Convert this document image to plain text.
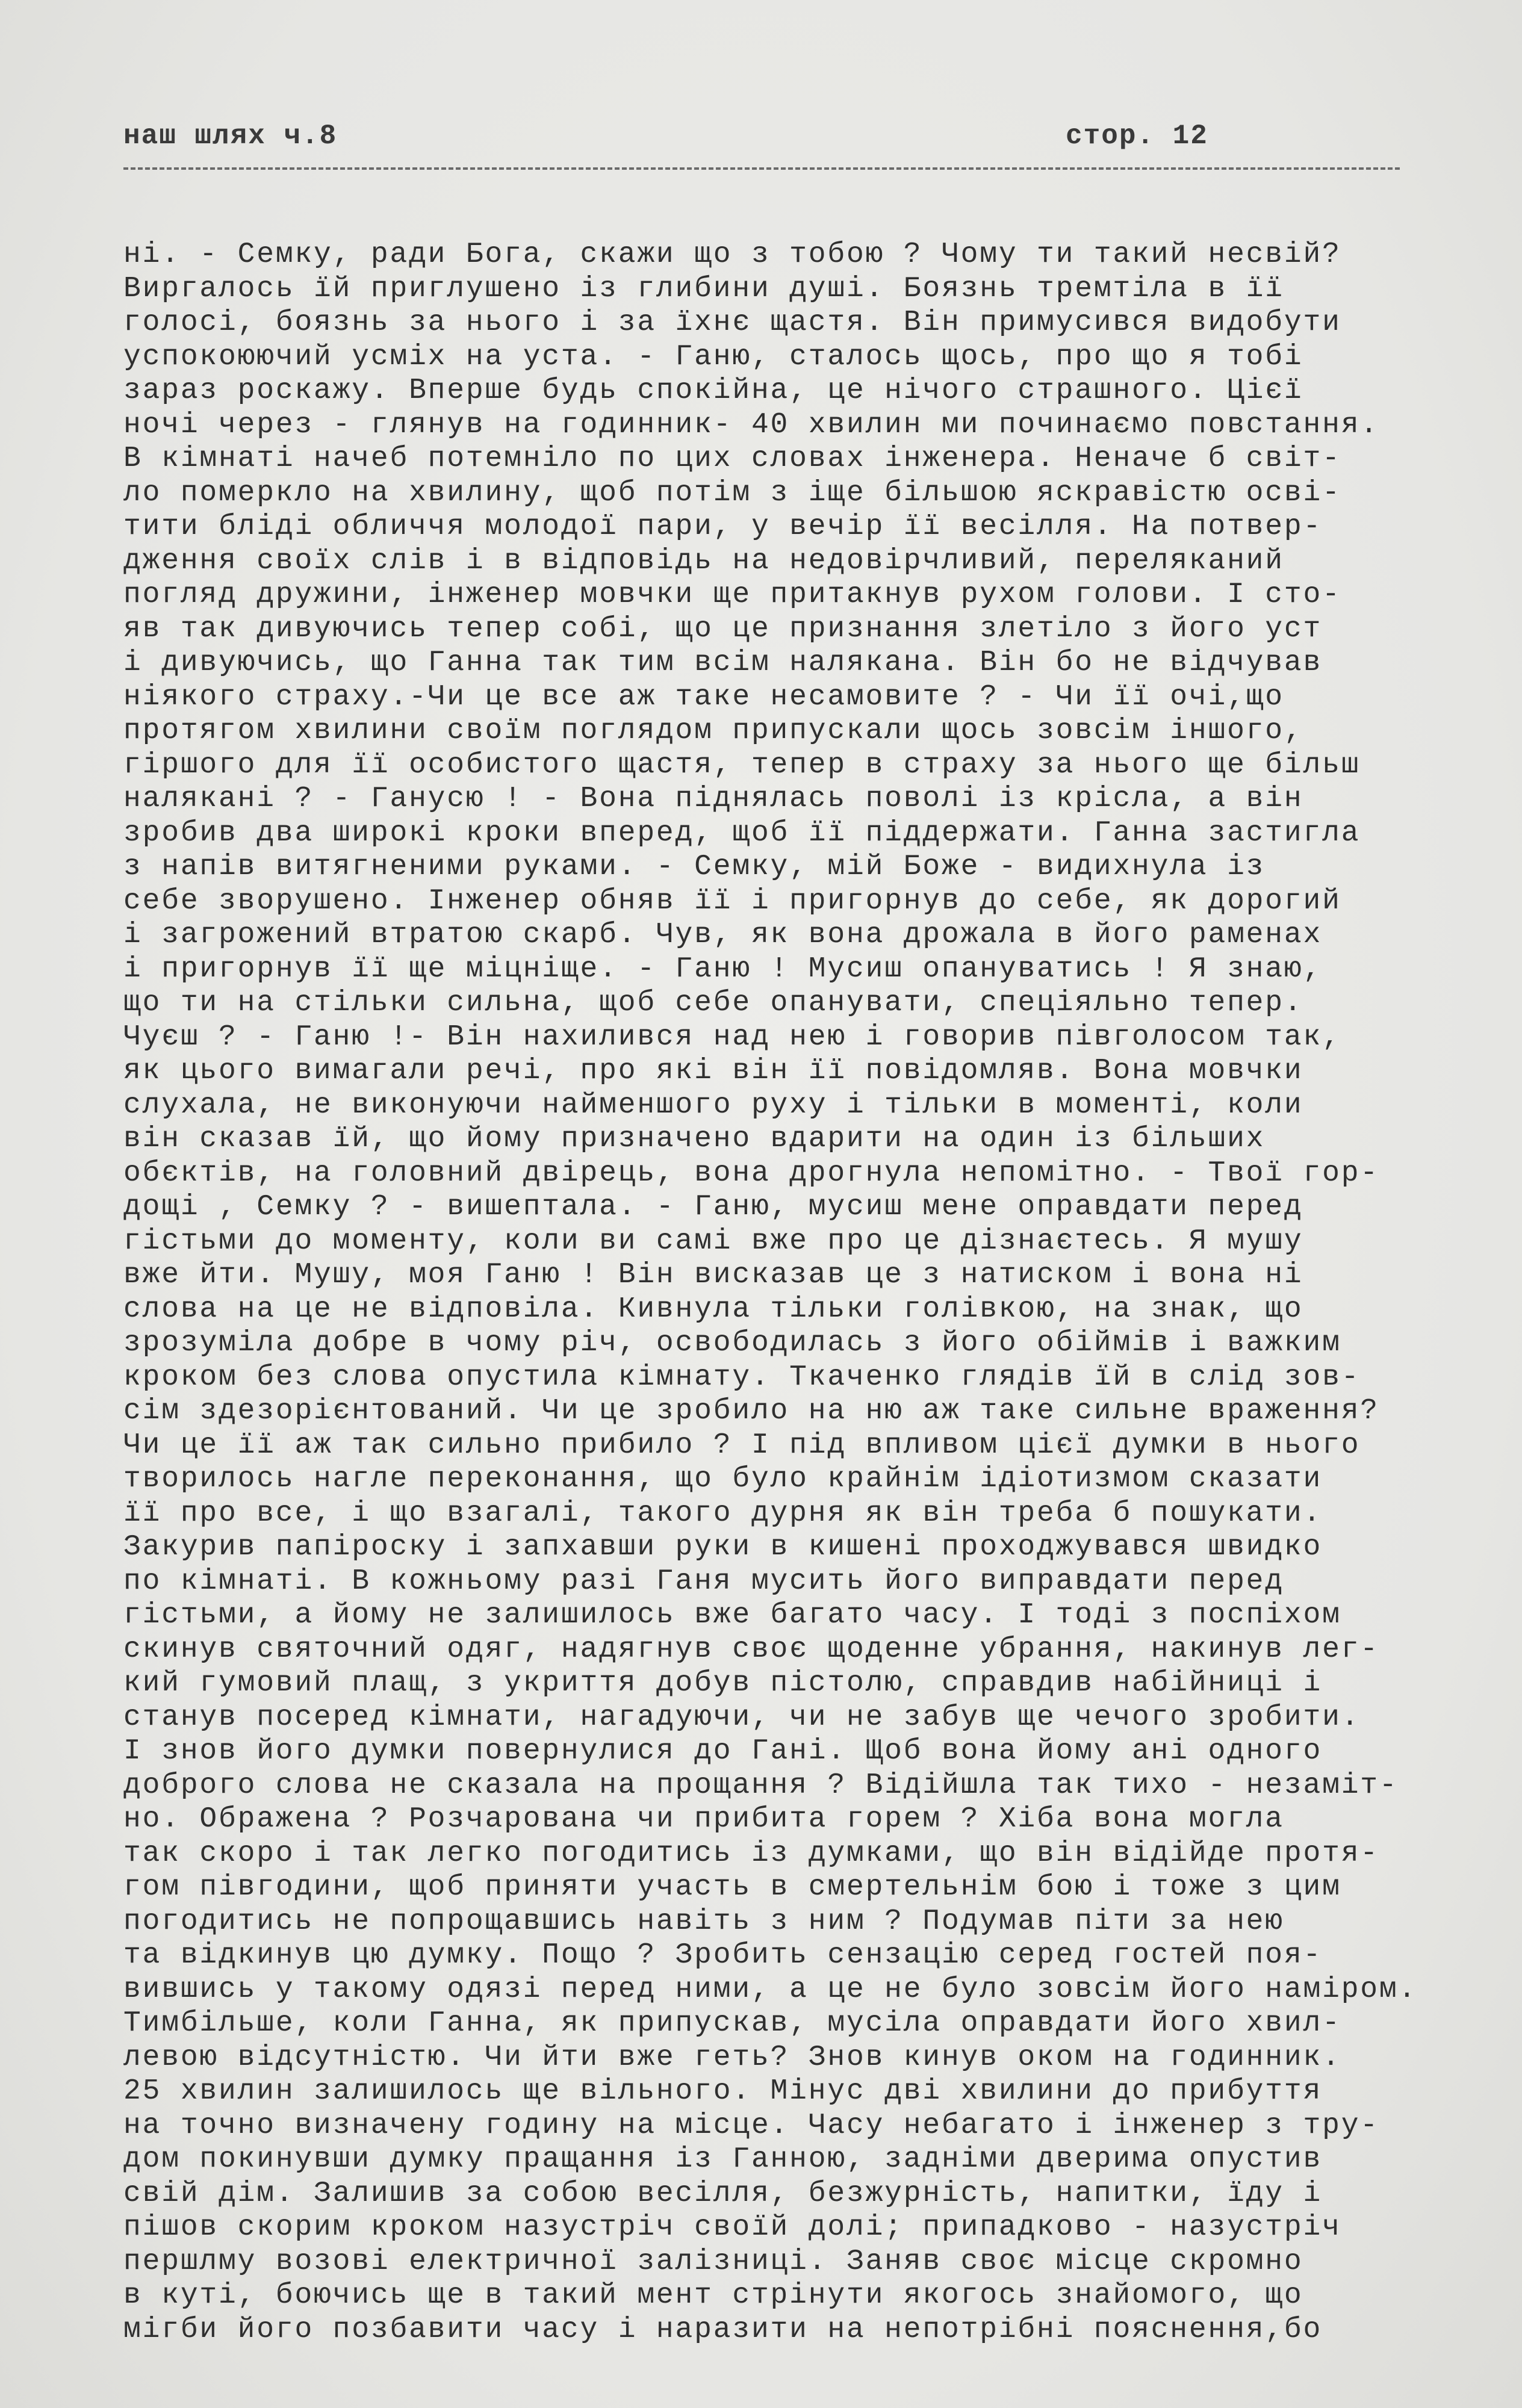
наш шлях ч.8	стор. 12
ні. - Семку, ради Бога, скажи що з тобою ? Чому ти такий несвій?
Виргалось їй приглушено із глибини душі. Боязнь тремтіла в її
голосі, боязнь за нього і за їхнє щастя. Він примусився видобути
успокоюючий усміх на уста. - Ганю, сталось щось, про що я тобі
зараз роскажу. Вперше будь спокійна, це нічого страшного. Цієї
ночі через - глянув на годинник- 40 хвилин ми починаємо повстання.
В кімнаті начеб потемніло по цих словах інженера. Неначе б світ-
ло померкло на хвилину, щоб потім з іще більшою яскравістю осві-
тити бліді обличчя молодої пари, у вечір її весілля. На потвер-
дження своїх слів і в відповідь на недовірчливий, переляканий
погляд дружини, інженер мовчки ще притакнув рухом голови. І сто-
яв так дивуючись тепер собі, що це признання злетіло з його уст
і дивуючись, що Ганна так тим всім налякана. Він бо не відчував
ніякого страху.-Чи це все аж таке несамовите ? - Чи її очі,що
протягом хвилини своїм поглядом припускали щось зовсім іншого,
гіршого для її особистого щастя, тепер в страху за нього ще більш
налякані ? - Ганусю ! - Вона піднялась поволі із крісла, а він
зробив два широкі кроки вперед, щоб її піддержати. Ганна застигла
з напів витягненими руками. - Семку, мій Боже - видихнула із
себе зворушено. Інженер обняв її і пригорнув до себе, як дорогий
і загрожений втратою скарб. Чув, як вона дрожала в його раменах
і пригорнув її ще міцніще. - Ганю ! Мусиш опануватись ! Я знаю,
що ти на стільки сильна, щоб себе опанувати, спеціяльно тепер.
Чуєш ? - Ганю !- Він нахилився над нею і говорив півголосом так,
як цього вимагали речі, про які він її повідомляв. Вона мовчки
слухала, не виконуючи найменшого руху і тільки в моменті, коли
він сказав їй, що йому призначено вдарити на один із більших
обєктів, на головний двірець, вона дрогнула непомітно. - Твої гор-
дощі , Семку ? - вишептала. - Ганю, мусиш мене оправдати перед
гістьми до моменту, коли ви самі вже про це дізнаєтесь. Я мушу
вже йти. Мушу, моя Ганю ! Він висказав це з натиском і вона ні
слова на це не відповіла. Кивнула тільки голівкою, на знак, що
зрозуміла добре в чому річ, освободилась з його обіймів і важким
кроком без слова опустила кімнату. Ткаченко глядів їй в слід зов-
сім здезорієнтований. Чи це зробило на ню аж таке сильне враження?
Чи це її аж так сильно прибило ? І під впливом цієї думки в нього
творилось нагле переконання, що було крайнім ідіотизмом сказати
її про все, і що взагалі, такого дурня як він треба б пошукати.
Закурив папіроску і запхавши руки в кишені проходжувався швидко
по кімнаті. В кожньому разі Ганя мусить його виправдати перед
гістьми, а йому не залишилось вже багато часу. І тоді з поспіхом
скинув святочний одяг, надягнув своє щоденне убрання, накинув лег-
кий гумовий плащ, з укриття добув пістолю, справдив набійниці і
станув посеред кімнати, нагадуючи, чи не забув ще чечого зробити.
І знов його думки повернулися до Гані. Щоб вона йому ані одного
доброго слова не сказала на прощання ? Відійшла так тихо - незаміт-
но. Ображена ? Розчарована чи прибита горем ? Хіба вона могла
так скоро і так легко погодитись із думками, що він відійде протя-
гом півгодини, щоб приняти участь в смертельнім бою і тоже з цим
погодитись не попрощавшись навіть з ним ? Подумав піти за нею
та відкинув цю думку. Пощо ? Зробить сензацію серед гостей поя-
вившись у такому одязі перед ними, а це не було зовсім його наміром.
Тимбільше, коли Ганна, як припускав, мусіла оправдати його хвил-
левою відсутністю. Чи йти вже геть? Знов кинув оком на годинник.
25 хвилин залишилось ще вільного. Мінус дві хвилини до прибуття
на точно визначену годину на місце. Часу небагато і інженер з тру-
дом покинувши думку пращання із Ганною, задніми дверима опустив
свій дім. Залишив за собою весілля, безжурність, напитки, їду і
пішов скорим кроком назустріч своїй долі; припадково - назустріч
першлму возові електричної залізниці. Заняв своє місце скромно
в куті, боючись ще в такий мент стрінути якогось знайомого, що
мігби його позбавити часу і наразити на непотрібні пояснення,бо
